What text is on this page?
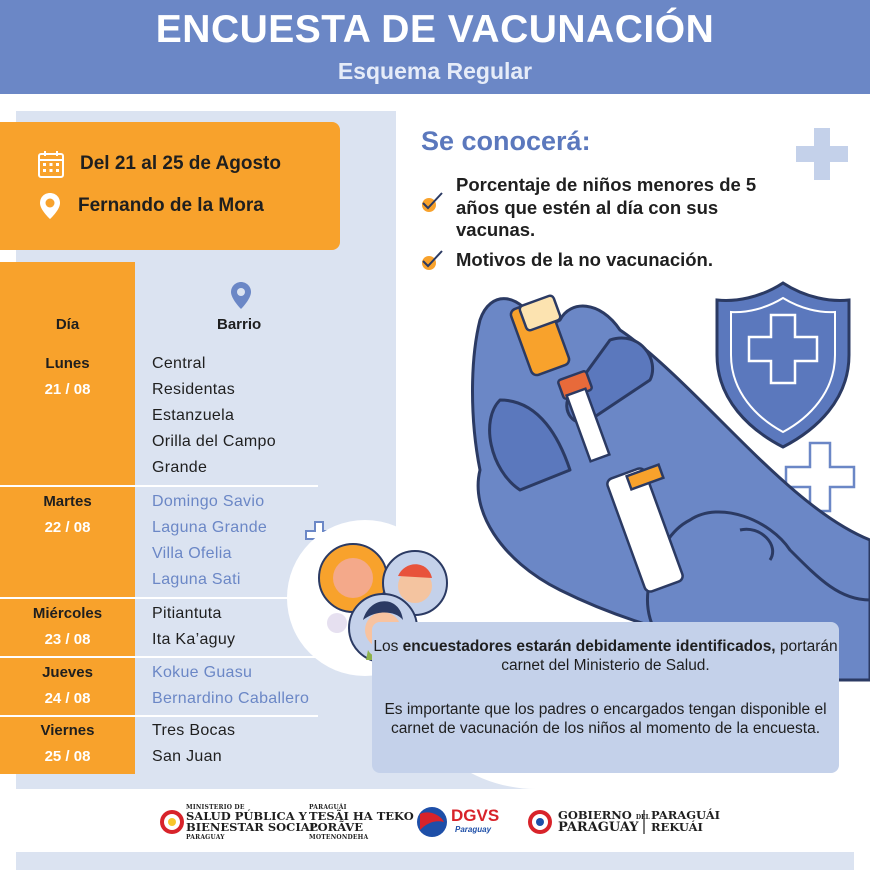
ENCUESTA DE VACUNACIÓN
Esquema Regular
Del 21 al 25 de Agosto
Fernando de la Mora
Día	Barrio
Lunes
21 / 08
Central
Residentas
Estanzuela
Orilla del Campo
Grande
Martes
22 / 08
Domingo Savio
Laguna Grande
Villa Ofelia
Laguna Sati
Miércoles
23 / 08
Pitiantuta
Ita Ka’aguy
Jueves
24 / 08
Kokue Guasu
Bernardino Caballero
Viernes
25 / 08
Tres Bocas
San Juan
Se conocerá:
Porcentaje de niños menores de 5 años que estén al día con sus vacunas.
Motivos de la no vacunación.

Los encuestadores estarán debidamente identificados, portarán carnet del Ministerio de Salud.

Es importante que los padres o encargados tengan disponible el carnet de vacunación de los niños al momento de la encuesta.

MINISTERIO DE
SALUD PÚBLICA Y
BIENESTAR SOCIAL
PARAGUAY
PARAGUÁI
TESÃI HA TEKO
PORÃVE
MOTENONDEHA
DGVS
Paraguay
GOBIERNO DEL
PARAGUAY
PARAGUÁI
REKUÁI
